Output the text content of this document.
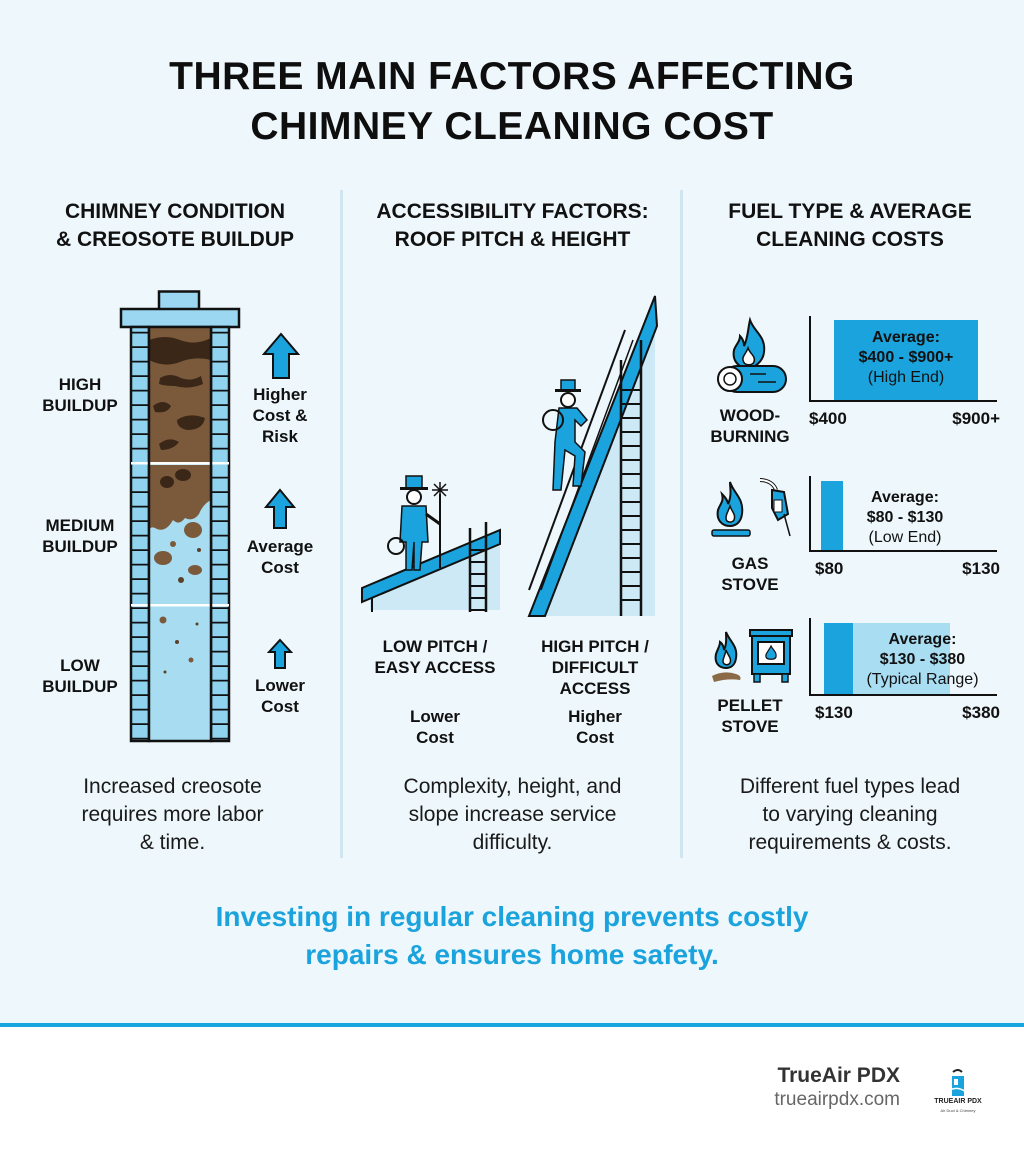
THREE MAIN FACTORS AFFECTING
CHIMNEY CLEANING COST
CHIMNEY CONDITION
& CREOSOTE BUILDUP
HIGH
BUILDUP
MEDIUM
BUILDUP
LOW
BUILDUP
Higher
Cost &
Risk
Average
Cost
Lower
Cost
Increased creosote
requires more labor
& time.
ACCESSIBILITY FACTORS:
ROOF PITCH & HEIGHT
LOW PITCH /
EASY ACCESS
HIGH PITCH /
DIFFICULT
ACCESS
Lower
Cost
Higher
Cost
Complexity, height, and
slope increase service
difficulty.
FUEL TYPE & AVERAGE
CLEANING COSTS
WOOD-
BURNING
Average:
$400 - $900+
(High End)
$400	$900+
GAS
STOVE
Average:
$80 - $130
(Low End)
$80	$130
PELLET
STOVE
Average:
$130 - $380
(Typical Range)
$130	$380
Different fuel types lead
to varying cleaning
requirements & costs.
Investing in regular cleaning prevents costly
repairs & ensures home safety.
TrueAir PDX
trueairpdx.com	TRUEAIR PDX
Air Duct & Chimney
